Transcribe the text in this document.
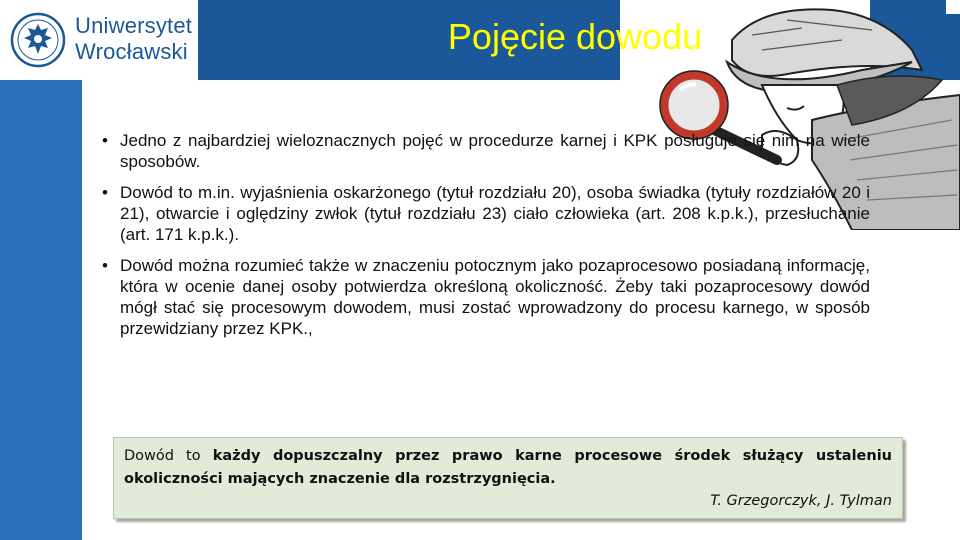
Uniwersytet
Wrocławski	Pojęcie dowodu
• Jedno z najbardziej wieloznacznych pojęć w procedurze karnej i KPK posługuje się nim na wiele sposobów.
• Dowód to m.in. wyjaśnienia oskarżonego (tytuł rozdziału 20), osoba świadka (tytuły rozdziałów 20 i 21), otwarcie i oględziny zwłok (tytuł rozdziału 23) ciało człowieka (art. 208 k.p.k.), przesłuchanie (art. 171 k.p.k.).
• Dowód można rozumieć także w znaczeniu potocznym jako pozaprocesowo posiadaną informację, która w ocenie danej osoby potwierdza określoną okoliczność. Żeby taki pozaprocesowy dowód mógł stać się procesowym dowodem, musi zostać wprowadzony do procesu karnego, w sposób przewidziany przez KPK.,
Dowód to każdy dopuszczalny przez prawo karne procesowe środek służący ustaleniu okoliczności mających znaczenie dla rozstrzygnięcia.
T. Grzegorczyk, J. Tylman
